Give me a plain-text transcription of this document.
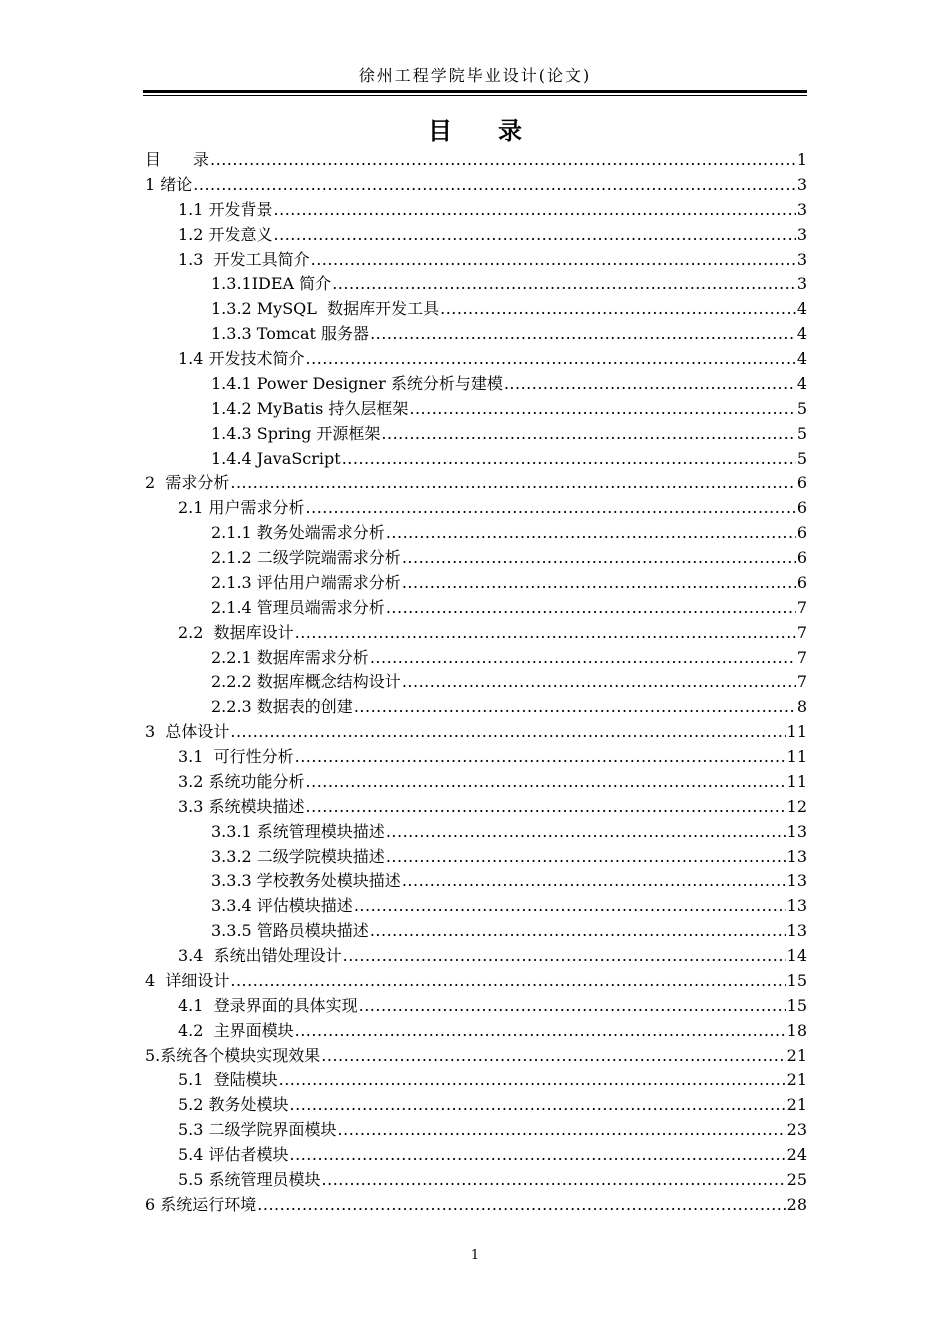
徐州工程学院毕业设计(论文)
目 录
目　　录 .....	1
1 绪论 .....	3
1.1 开发背景 .....	3
1.2 开发意义 .....	3
1.3  开发工具简介 .....	3
1.3.1IDEA 简介 .....	3
1.3.2 MySQL  数据库开发工具 .....	4
1.3.3 Tomcat 服务器 .....	4
1.4 开发技术简介 .....	4
1.4.1 Power Designer 系统分析与建模 .....	4
1.4.2 MyBatis 持久层框架 .....	5
1.4.3 Spring 开源框架 .....	5
1.4.4 JavaScript .....	5
2  需求分析 .....	6
2.1 用户需求分析 .....	6
2.1.1 教务处端需求分析 .....	6
2.1.2 二级学院端需求分析 .....	6
2.1.3 评估用户端需求分析 .....	6
2.1.4 管理员端需求分析 .....	7
2.2  数据库设计 .....	7
2.2.1 数据库需求分析 .....	7
2.2.2 数据库概念结构设计 .....	7
2.2.3 数据表的创建 .....	8
3  总体设计 .....	11
3.1  可行性分析 .....	11
3.2 系统功能分析 .....	11
3.3 系统模块描述 .....	12
3.3.1 系统管理模块描述 .....	13
3.3.2 二级学院模块描述 .....	13
3.3.3 学校教务处模块描述 .....	13
3.3.4 评估模块描述 .....	13
3.3.5 管路员模块描述 .....	13
3.4  系统出错处理设计 .....	14
4  详细设计 .....	15
4.1  登录界面的具体实现 .....	15
4.2  主界面模块 .....	18
5.系统各个模块实现效果 .....	21
5.1  登陆模块 .....	21
5.2 教务处模块 .....	21
5.3 二级学院界面模块 .....	23
5.4 评估者模块 .....	24
5.5 系统管理员模块 .....	25
6 系统运行环境 .....	28
1
